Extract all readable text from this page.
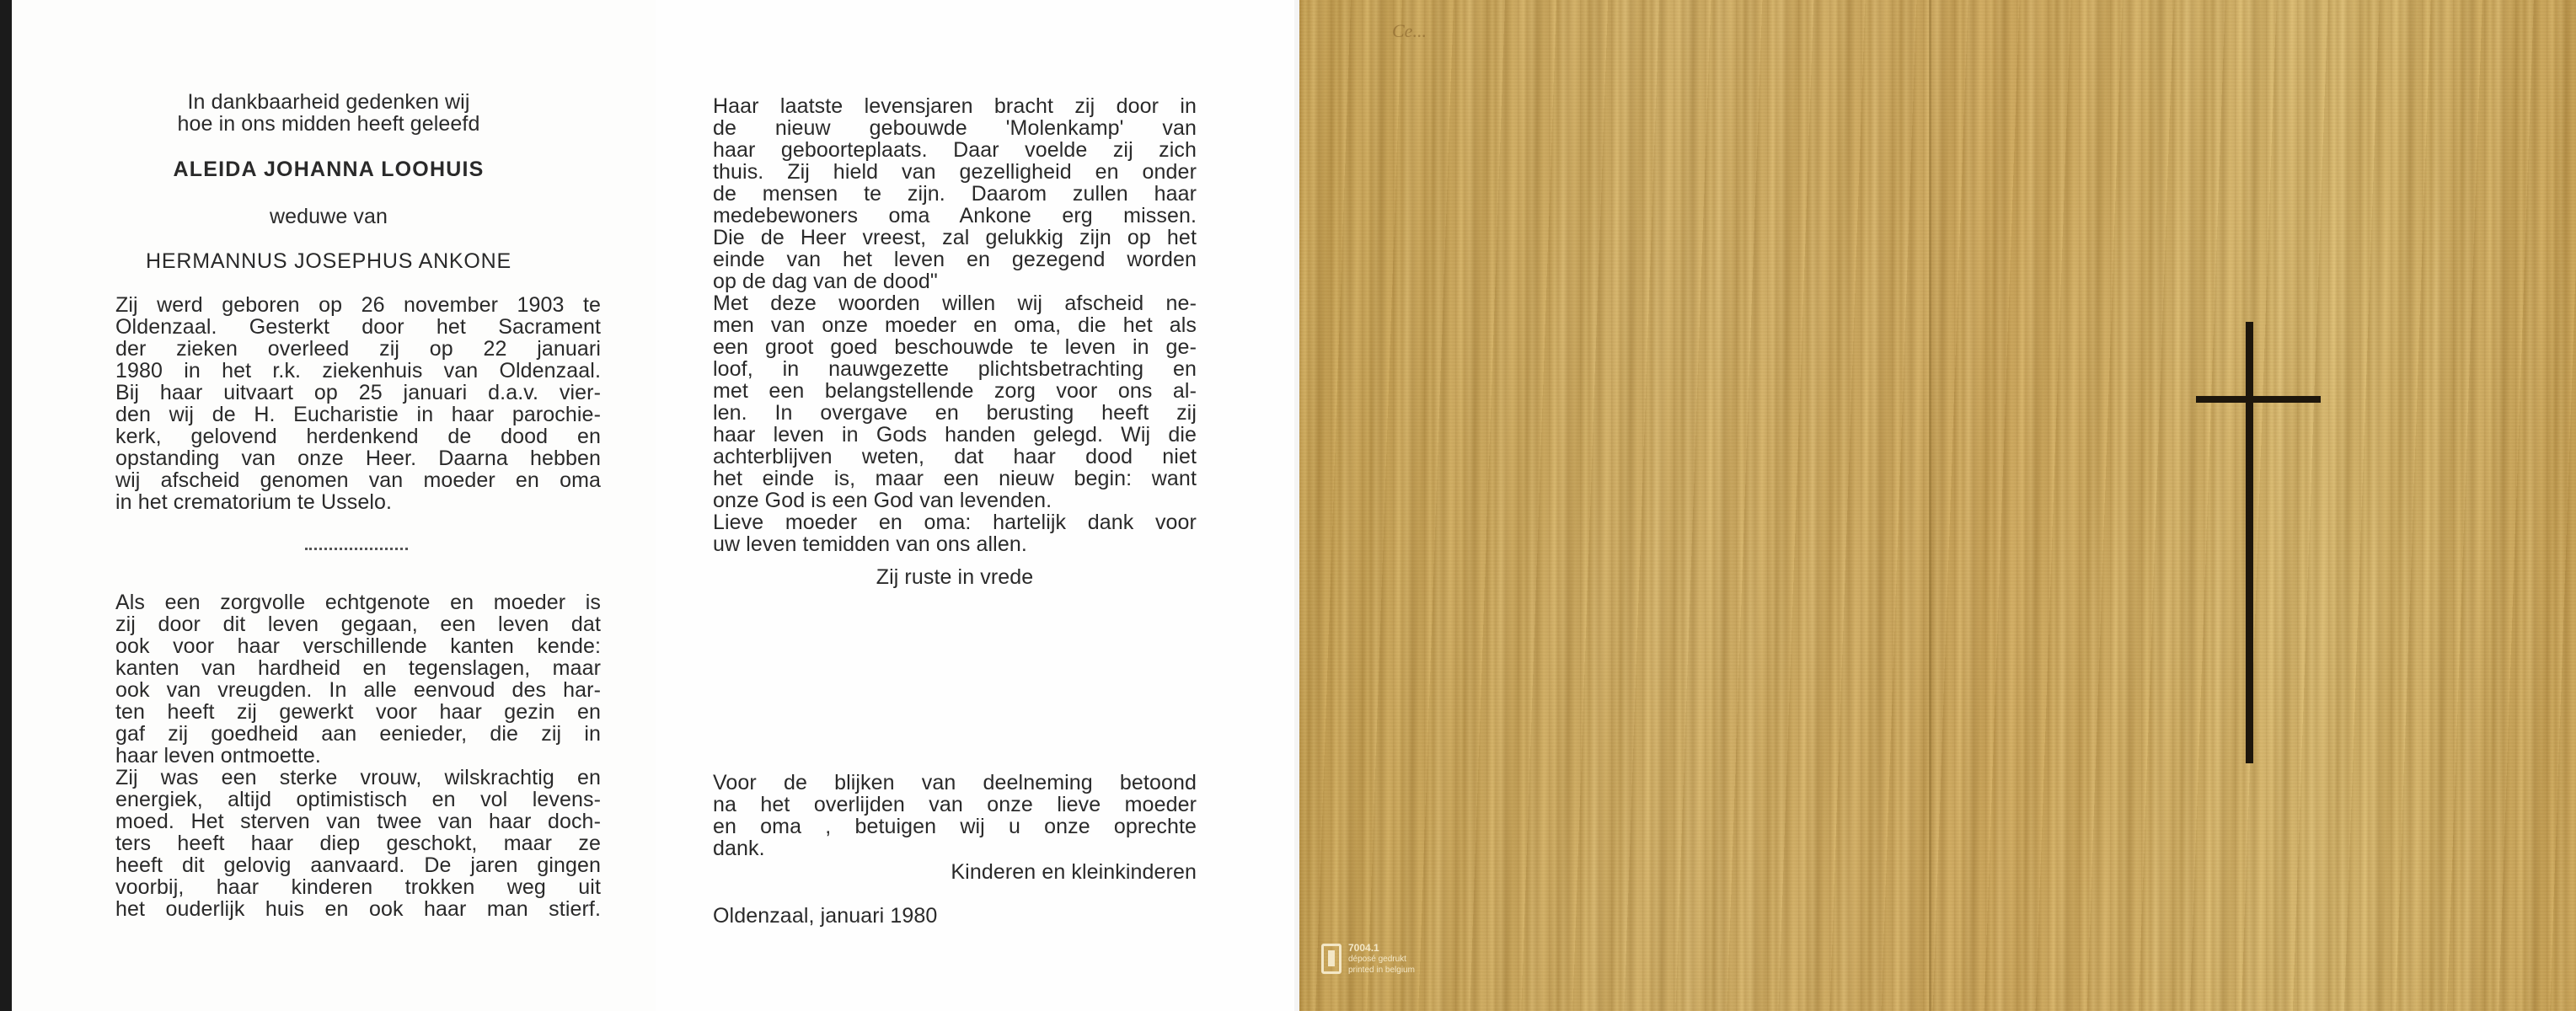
In dankbaarheid gedenken wij
hoe in ons midden heeft geleefd
ALEIDA JOHANNA LOOHUIS
weduwe van
HERMANNUS JOSEPHUS ANKONE
Zij werd geboren op 26 november 1903 te
Oldenzaal. Gesterkt door het Sacrament
der zieken overleed zij op 22 januari
1980 in het r.k. ziekenhuis van Oldenzaal.
Bij haar uitvaart op 25 januari d.a.v. vier-
den wij de H. Eucharistie in haar parochie-
kerk, gelovend herdenkend de dood en
opstanding van onze Heer. Daarna hebben
wij afscheid genomen van moeder en oma
in het crematorium te Usselo.
Als een zorgvolle echtgenote en moeder is
zij door dit leven gegaan, een leven dat
ook voor haar verschillende kanten kende:
kanten van hardheid en tegenslagen, maar
ook van vreugden. In alle eenvoud des har-
ten heeft zij gewerkt voor haar gezin en
gaf zij goedheid aan eenieder, die zij in
haar leven ontmoette.
Zij was een sterke vrouw, wilskrachtig en
energiek, altijd optimistisch en vol levens-
moed. Het sterven van twee van haar doch-
ters heeft haar diep geschokt, maar ze
heeft dit gelovig aanvaard. De jaren gingen
voorbij, haar kinderen trokken weg uit
het ouderlijk huis en ook haar man stierf.
Haar laatste levensjaren bracht zij door in
de nieuw gebouwde 'Molenkamp' van
haar geboorteplaats. Daar voelde zij zich
thuis. Zij hield van gezelligheid en onder
de mensen te zijn. Daarom zullen haar
medebewoners oma Ankone erg missen.
Die de Heer vreest, zal gelukkig zijn op het
einde van het leven en gezegend worden
op de dag van de dood"
Met deze woorden willen wij afscheid ne-
men van onze moeder en oma, die het als
een groot goed beschouwde te leven in ge-
loof, in nauwgezette plichtsbetrachting en
met een belangstellende zorg voor ons al-
len. In overgave en berusting heeft zij
haar leven in Gods handen gelegd. Wij die
achterblijven weten, dat haar dood niet
het einde is, maar een nieuw begin: want
onze God is een God van levenden.
Lieve moeder en oma: hartelijk dank voor
uw leven temidden van ons allen.
Zij ruste in vrede
Voor de blijken van deelneming betoond
na het overlijden van onze lieve moeder
en oma , betuigen wij u onze oprechte
dank.
Kinderen en kleinkinderen
Oldenzaal, januari 1980
Ce...
7004.1
déposé gedrukt
printed in belgium
